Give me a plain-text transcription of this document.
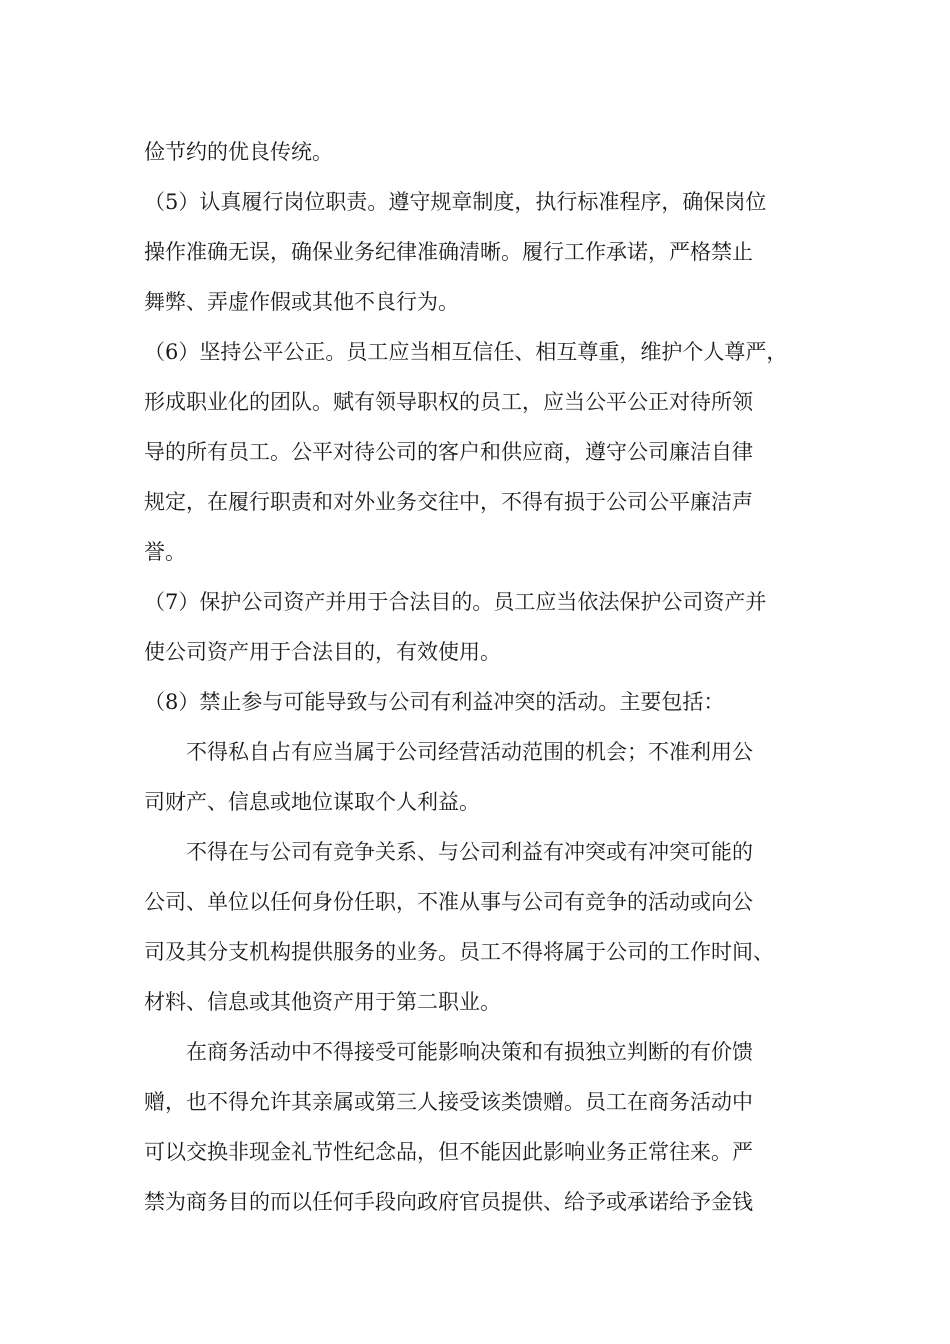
俭节约的优良传统。
（5）认真履行岗位职责。遵守规章制度，执行标准程序，确保岗位
操作准确无误，确保业务纪律准确清晰。履行工作承诺，严格禁止
舞弊、弄虚作假或其他不良行为。
（6）坚持公平公正。员工应当相互信任、相互尊重，维护个人尊严，
形成职业化的团队。赋有领导职权的员工，应当公平公正对待所领
导的所有员工。公平对待公司的客户和供应商，遵守公司廉洁自律
规定，在履行职责和对外业务交往中，不得有损于公司公平廉洁声
誉。
（7）保护公司资产并用于合法目的。员工应当依法保护公司资产并
使公司资产用于合法目的，有效使用。
（8）禁止参与可能导致与公司有利益冲突的活动。主要包括：
不得私自占有应当属于公司经营活动范围的机会；不准利用公
司财产、信息或地位谋取个人利益。
不得在与公司有竞争关系、与公司利益有冲突或有冲突可能的
公司、单位以任何身份任职，不准从事与公司有竞争的活动或向公
司及其分支机构提供服务的业务。员工不得将属于公司的工作时间、
材料、信息或其他资产用于第二职业。
在商务活动中不得接受可能影响决策和有损独立判断的有价馈
赠，也不得允许其亲属或第三人接受该类馈赠。员工在商务活动中
可以交换非现金礼节性纪念品，但不能因此影响业务正常往来。严
禁为商务目的而以任何手段向政府官员提供、给予或承诺给予金钱
